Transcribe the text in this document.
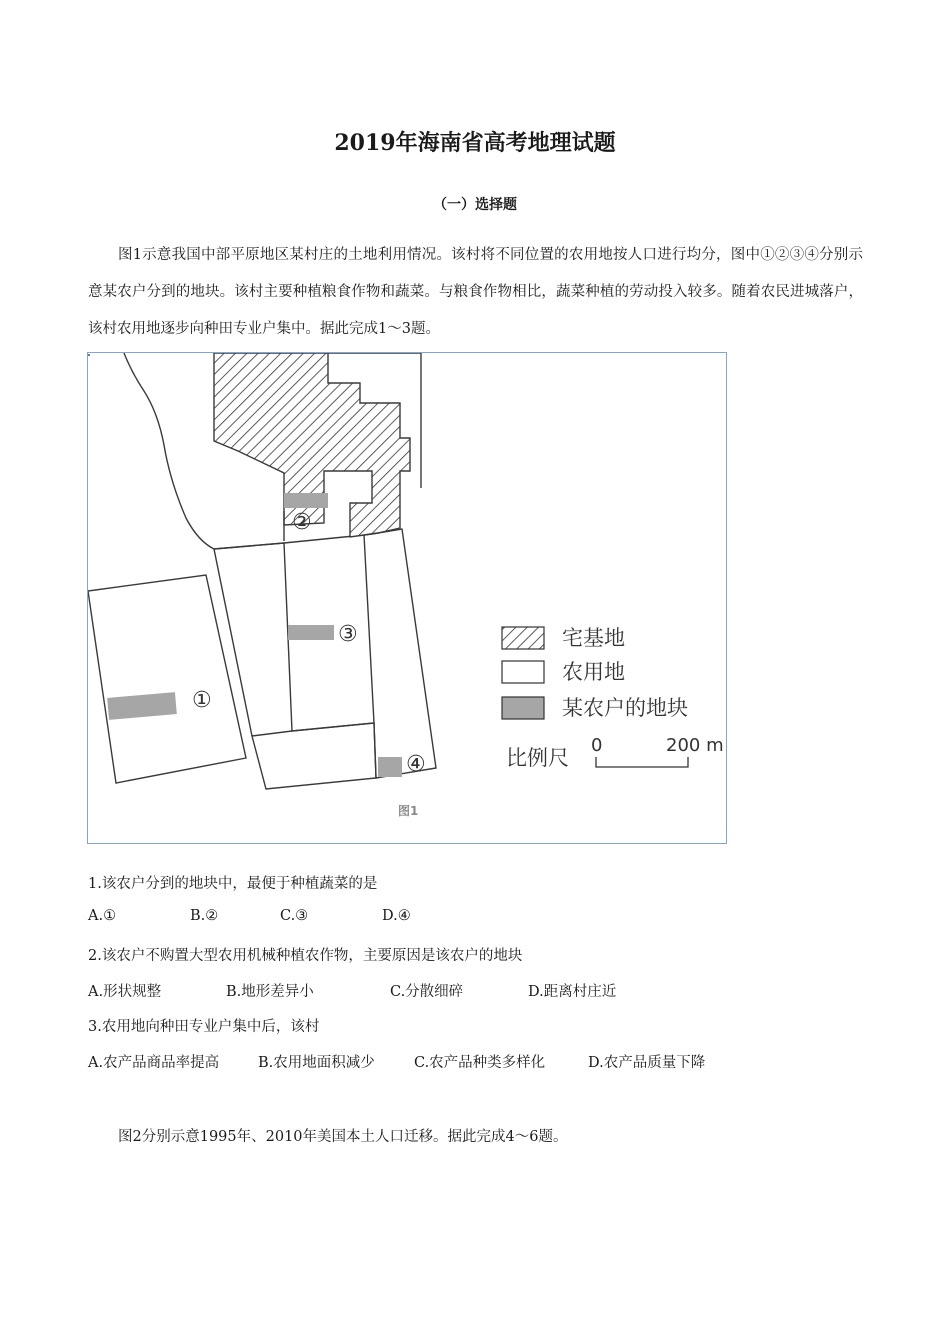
2019年海南省高考地理试题
（一）选择题
图1示意我国中部平原地区某村庄的土地利用情况。该村将不同位置的农用地按人口进行均分，图中①②③④分别示意某农户分到的地块。该村主要种植粮食作物和蔬菜。与粮食作物相比，蔬菜种植的劳动投入较多。随着农民进城落户，该村农用地逐步向种田专业户集中。据此完成1～3题。
①
②
③
④
宅基地
农用地
某农户的地块
比例尺
0	200 m
图1
1.该农户分到的地块中，最便于种植蔬菜的是
A.①	B.②	C.③	D.④
2.该农户不购置大型农用机械种植农作物，主要原因是该农户的地块
A.形状规整	B.地形差异小	C.分散细碎	D.距离村庄近
3.农用地向种田专业户集中后，该村
A.农产品商品率提高	B.农用地面积减少	C.农产品种类多样化	D.农产品质量下降
图2分别示意1995年、2010年美国本土人口迁移。据此完成4～6题。
